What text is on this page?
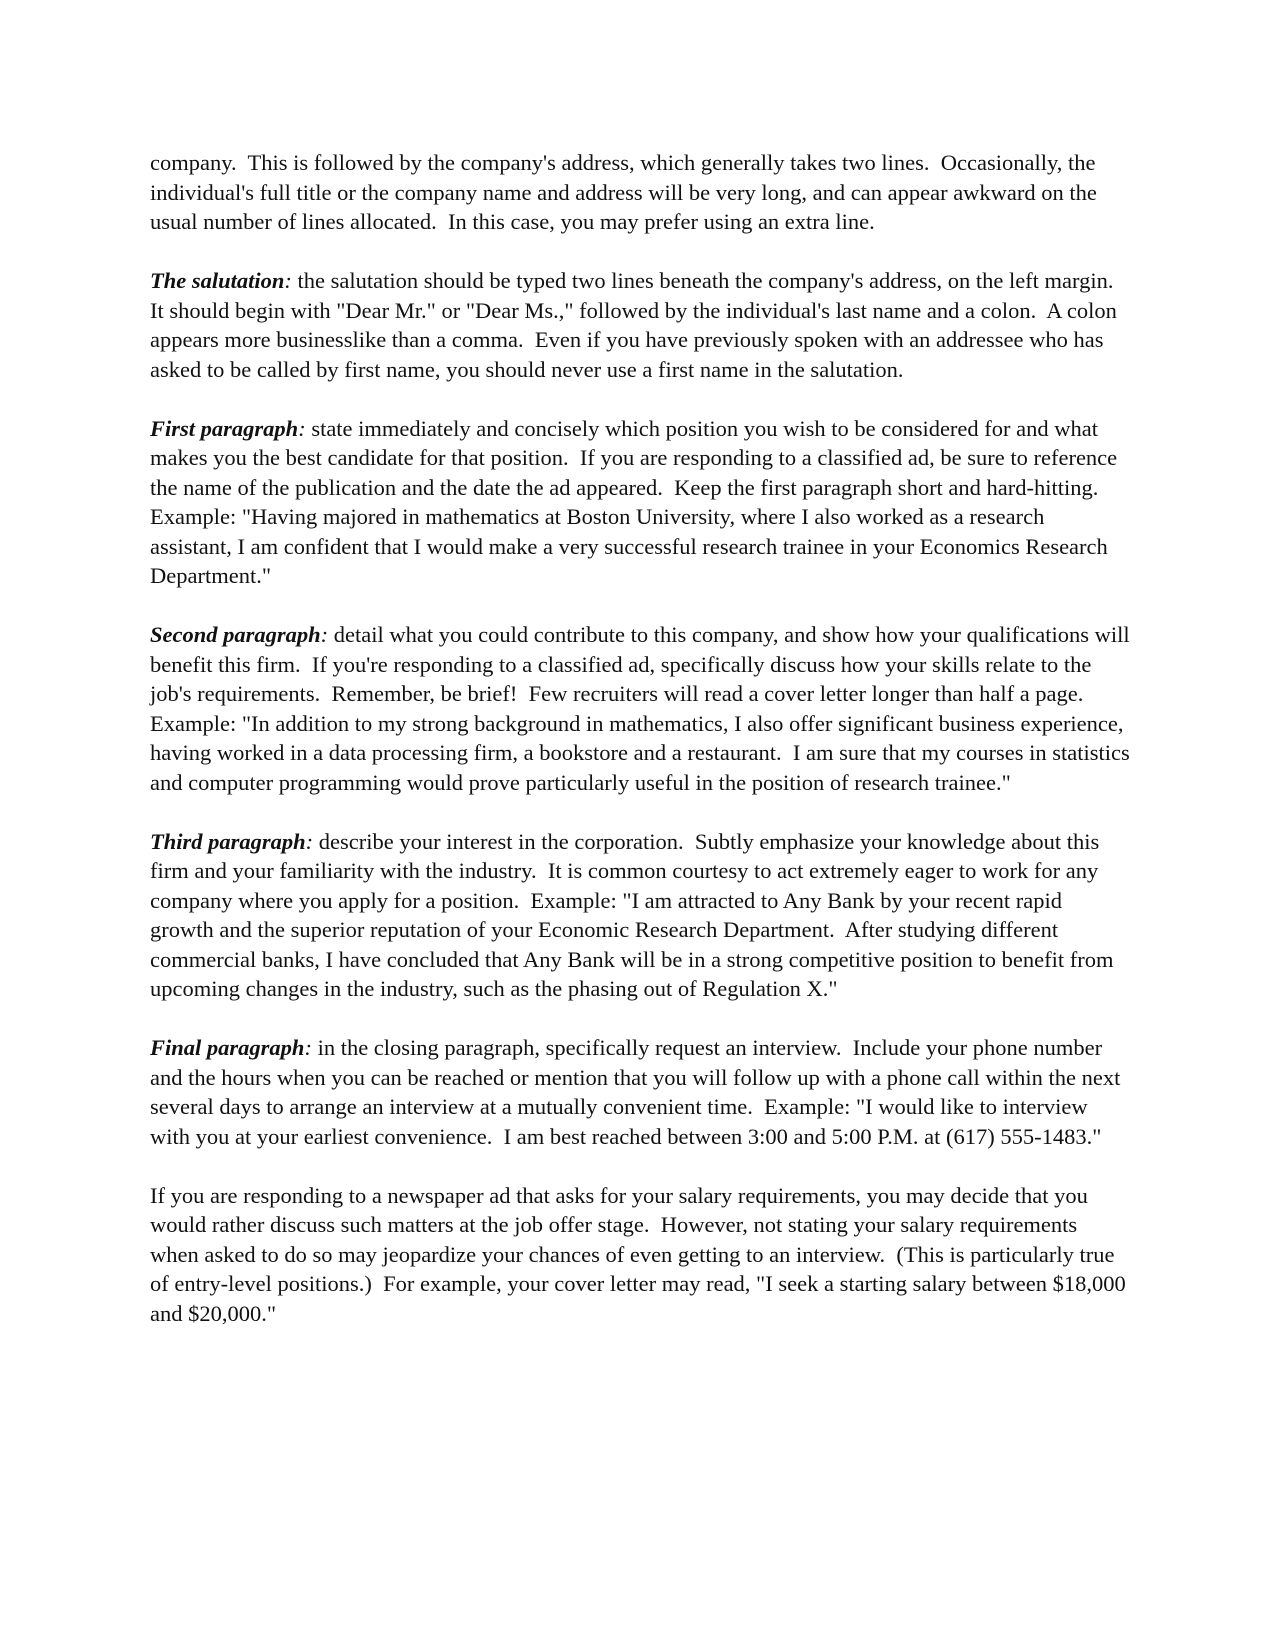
company.  This is followed by the company's address, which generally takes two lines.  Occasionally, the individual's full title or the company name and address will be very long, and can appear awkward on the usual number of lines allocated.  In this case, you may prefer using an extra line.

The salutation: the salutation should be typed two lines beneath the company's address, on the left margin.  It should begin with "Dear Mr." or "Dear Ms.," followed by the individual's last name and a colon.  A colon appears more businesslike than a comma.  Even if you have previously spoken with an addressee who has asked to be called by first name, you should never use a first name in the salutation.

First paragraph: state immediately and concisely which position you wish to be considered for and what makes you the best candidate for that position.  If you are responding to a classified ad, be sure to reference the name of the publication and the date the ad appeared.  Keep the first paragraph short and hard-hitting.  Example: "Having majored in mathematics at Boston University, where I also worked as a research assistant, I am confident that I would make a very successful research trainee in your Economics Research Department."

Second paragraph: detail what you could contribute to this company, and show how your qualifications will benefit this firm.  If you're responding to a classified ad, specifically discuss how your skills relate to the job's requirements.  Remember, be brief!  Few recruiters will read a cover letter longer than half a page.  Example: "In addition to my strong background in mathematics, I also offer significant business experience, having worked in a data processing firm, a bookstore and a restaurant.  I am sure that my courses in statistics and computer programming would prove particularly useful in the position of research trainee."

Third paragraph: describe your interest in the corporation.  Subtly emphasize your knowledge about this firm and your familiarity with the industry.  It is common courtesy to act extremely eager to work for any company where you apply for a position.  Example: "I am attracted to Any Bank by your recent rapid growth and the superior reputation of your Economic Research Department.  After studying different commercial banks, I have concluded that Any Bank will be in a strong competitive position to benefit from upcoming changes in the industry, such as the phasing out of Regulation X."

Final paragraph: in the closing paragraph, specifically request an interview.  Include your phone number and the hours when you can be reached or mention that you will follow up with a phone call within the next several days to arrange an interview at a mutually convenient time.  Example: "I would like to interview with you at your earliest convenience.  I am best reached between 3:00 and 5:00 P.M. at (617) 555-1483."

If you are responding to a newspaper ad that asks for your salary requirements, you may decide that you would rather discuss such matters at the job offer stage.  However, not stating your salary requirements when asked to do so may jeopardize your chances of even getting to an interview.  (This is particularly true of entry-level positions.)  For example, your cover letter may read, "I seek a starting salary between $18,000 and $20,000."
